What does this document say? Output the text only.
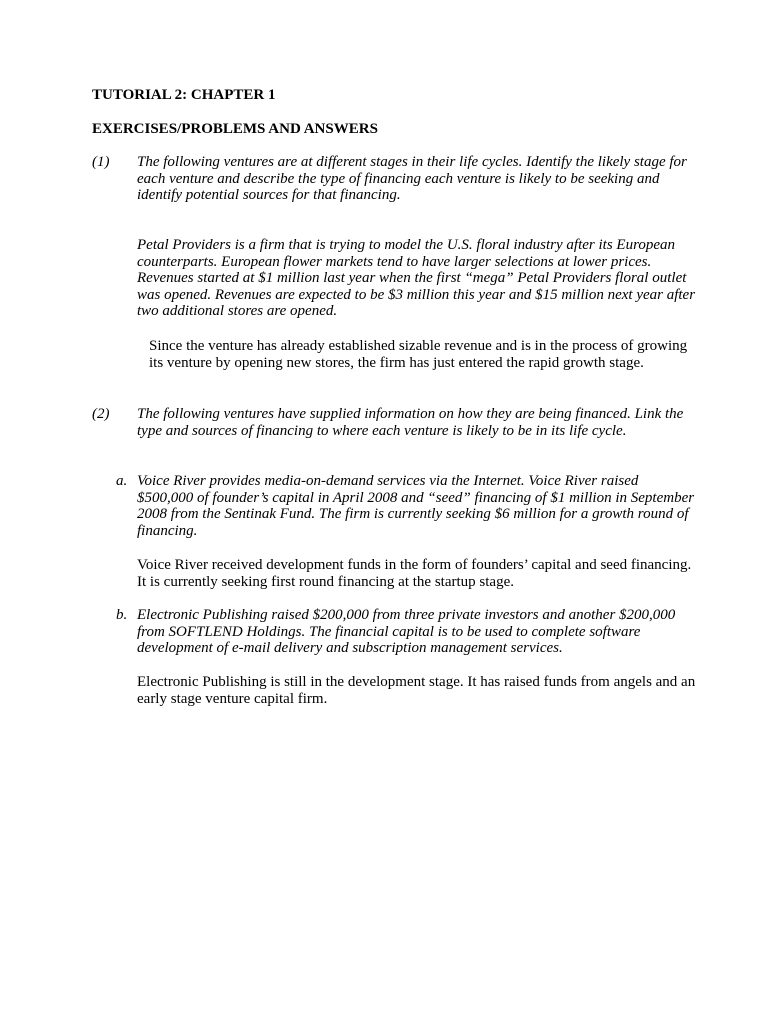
TUTORIAL 2: CHAPTER 1

EXERCISES/PROBLEMS AND ANSWERS

(1) The following ventures are at different stages in their life cycles. Identify the likely stage for each venture and describe the type of financing each venture is likely to be seeking and identify potential sources for that financing.

Petal Providers is a firm that is trying to model the U.S. floral industry after its European counterparts. European flower markets tend to have larger selections at lower prices. Revenues started at $1 million last year when the first “mega” Petal Providers floral outlet was opened. Revenues are expected to be $3 million this year and $15 million next year after two additional stores are opened.

Since the venture has already established sizable revenue and is in the process of growing its venture by opening new stores, the firm has just entered the rapid growth stage.

(2) The following ventures have supplied information on how they are being financed. Link the type and sources of financing to where each venture is likely to be in its life cycle.

a. Voice River provides media-on-demand services via the Internet. Voice River raised $500,000 of founder’s capital in April 2008 and “seed” financing of $1 million in September 2008 from the Sentinak Fund. The firm is currently seeking $6 million for a growth round of financing.

Voice River received development funds in the form of founders’ capital and seed financing. It is currently seeking first round financing at the startup stage.

b. Electronic Publishing raised $200,000 from three private investors and another $200,000 from SOFTLEND Holdings. The financial capital is to be used to complete software development of e-mail delivery and subscription management services.

Electronic Publishing is still in the development stage. It has raised funds from angels and an early stage venture capital firm.
